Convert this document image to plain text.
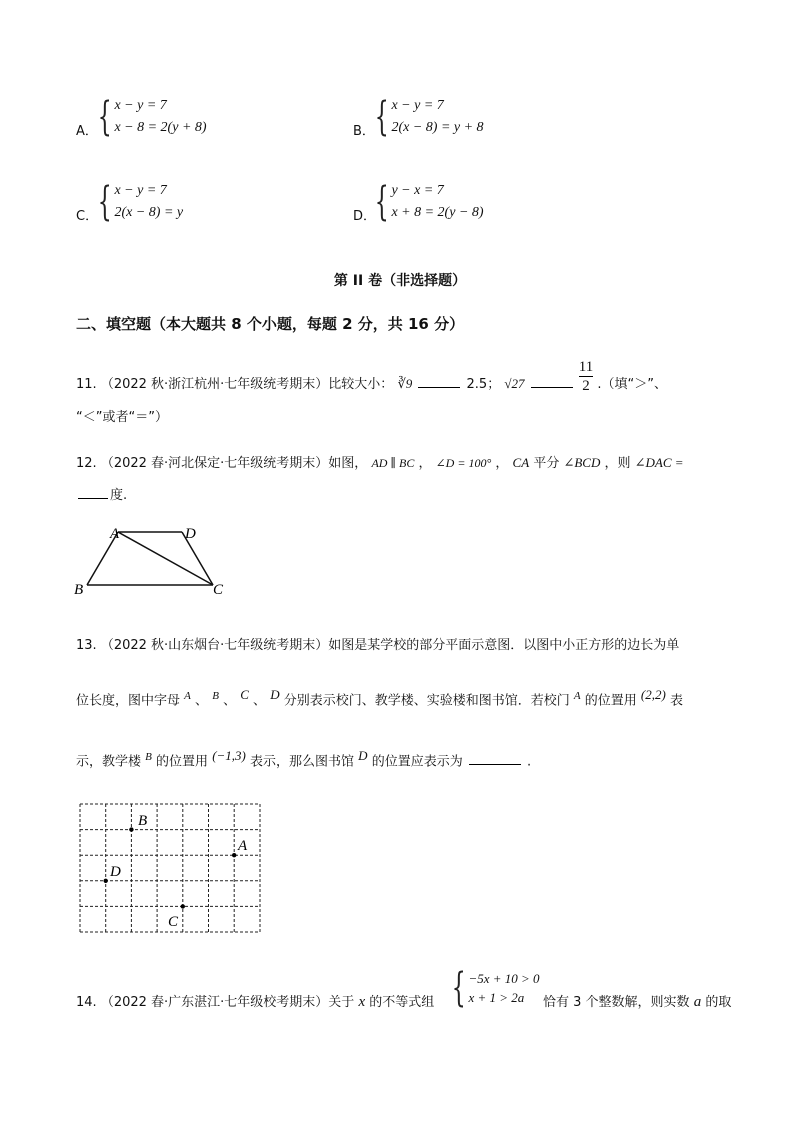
A． { x − y = 7
x − 8 = 2(y + 8)	B． { x − y = 7
2(x − 8) = y + 8
C． { x − y = 7
2(x − 8) = y	D．
{ y − x = 7
x + 8 = 2(y − 8)
第 II 卷（非选择题）
二、填空题（本大题共 8 个小题，每题 2 分，共 16 分）
11. （2022 秋·浙江杭州·七年级统考期末）比较大小： ∛9	2.5； √27	$\frac{11}{2}$ .（填“＞”、
“＜”或者“＝”）
12. （2022 春·河北保定·七年级统考期末）如图， AD ∥ BC ， ∠D = 100° ， CA 平分 ∠BCD ，则 ∠DAC =
度.
A	D
B	C
13. （2022 秋·山东烟台·七年级统考期末）如图是某学校的部分平面示意图．以图中小正方形的边长为单
位长度，图中字母 $^A$ 、 $^B$ 、 $^C$ 、 $^D$ 分别表示校门、教学楼、实验楼和图书馆．若校门 $^A$ 的位置用 $^{(2,2)}$ 表
示，教学楼 $^B$ 的位置用 $^{(-1,3)}$ 表示，那么图书馆 $^D$ 的位置应表示为	.
B
A
D
C
14. （2022 春·广东湛江·七年级校考期末）关于 x 的不等式组 { −5x + 10 > 0
x + 1 > 2a	恰有 3 个整数解，则实数 a 的取
